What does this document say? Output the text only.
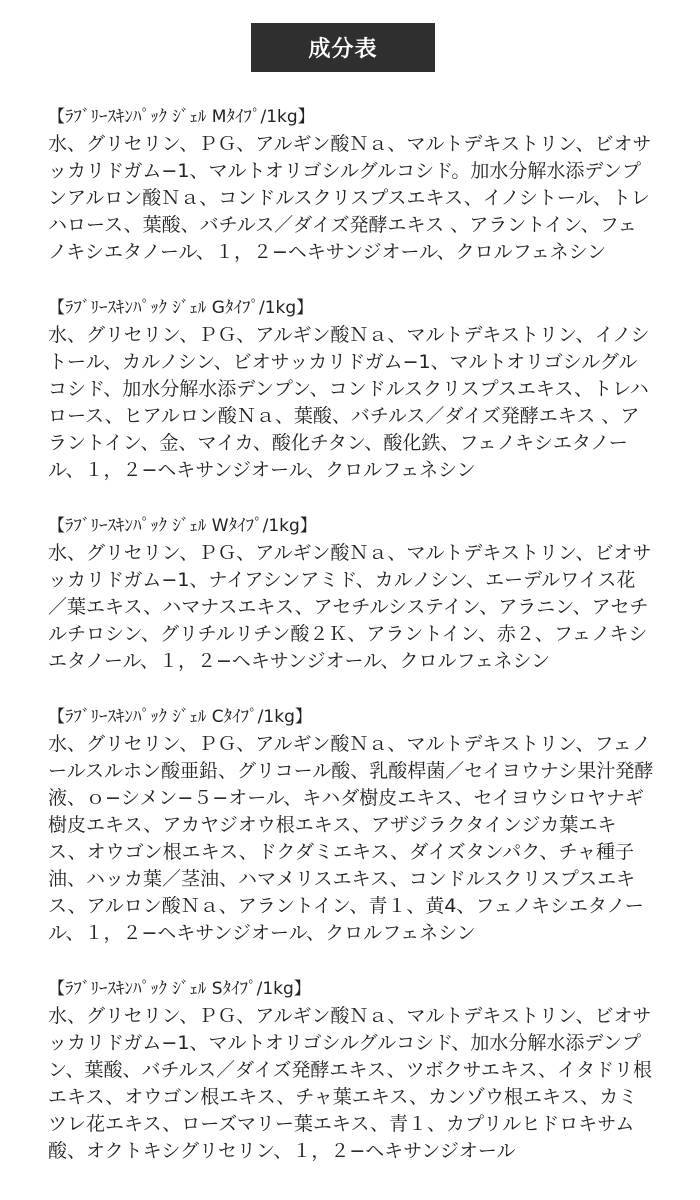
成分表
【ﾗﾌﾞﾘｰｽｷﾝﾊﾟｯｸ ｼﾞｪﾙ Mﾀｲﾌﾟ/1kg】
水、グリセリン、ＰＧ、アルギン酸Ｎａ、マルトデキストリン、ビオサッカリドガム−1、マルトオリゴシルグルコシド。加水分解水添デンプンアルロン酸Ｎａ、コンドルスクリスプスエキス、イノシトール、トレハロース、葉酸、バチルス／ダイズ発酵エキス 、アラントイン、フェノキシエタノール、１，２−ヘキサンジオール、クロルフェネシン
【ﾗﾌﾞﾘｰｽｷﾝﾊﾟｯｸ ｼﾞｪﾙ Gﾀｲﾌﾟ/1kg】
水、グリセリン、ＰＧ、アルギン酸Ｎａ、マルトデキストリン、イノシトール、カルノシン、ビオサッカリドガム−1、マルトオリゴシルグルコシド、加水分解水添デンプン、コンドルスクリスプスエキス、トレハロース、ヒアルロン酸Ｎａ、葉酸、バチルス／ダイズ発酵エキス 、アラントイン、金、マイカ、酸化チタン、酸化鉄、フェノキシエタノール、１，２−ヘキサンジオール、クロルフェネシン
【ﾗﾌﾞﾘｰｽｷﾝﾊﾟｯｸ ｼﾞｪﾙ Wﾀｲﾌﾟ/1kg】
水、グリセリン、ＰＧ、アルギン酸Ｎａ、マルトデキストリン、ビオサッカリドガム−1、ナイアシンアミド、カルノシン、エーデルワイス花／葉エキス、ハマナスエキス、アセチルシステイン、アラニン、アセチルチロシン、グリチルリチン酸２Ｋ、アラントイン、赤２、フェノキシエタノール、１，２−ヘキサンジオール、クロルフェネシン
【ﾗﾌﾞﾘｰｽｷﾝﾊﾟｯｸ ｼﾞｪﾙ Cﾀｲﾌﾟ/1kg】
水、グリセリン、ＰＧ、アルギン酸Ｎａ、マルトデキストリン、フェノールスルホン酸亜鉛、グリコール酸、乳酸桿菌／セイヨウナシ果汁発酵液、ｏ−シメン−５−オール、キハダ樹皮エキス、セイヨウシロヤナギ樹皮エキス、アカヤジオウ根エキス、アザジラクタインジカ葉エキス、オウゴン根エキス、ドクダミエキス、ダイズタンパク、チャ種子油、ハッカ葉／茎油、ハマメリスエキス、コンドルスクリスプスエキス、アルロン酸Ｎａ、アラントイン、青１、黄4、フェノキシエタノール、１，２−ヘキサンジオール、クロルフェネシン
【ﾗﾌﾞﾘｰｽｷﾝﾊﾟｯｸ ｼﾞｪﾙ Sﾀｲﾌﾟ/1kg】
水、グリセリン、ＰＧ、アルギン酸Ｎａ、マルトデキストリン、ビオサッカリドガム−1、マルトオリゴシルグルコシド、加水分解水添デンプン、葉酸、バチルス／ダイズ発酵エキス、ツボクサエキス、イタドリ根エキス、オウゴン根エキス、チャ葉エキス、カンゾウ根エキス、カミツレ花エキス、ローズマリー葉エキス、青１、カプリルヒドロキサム酸、オクトキシグリセリン、１，２−ヘキサンジオール
